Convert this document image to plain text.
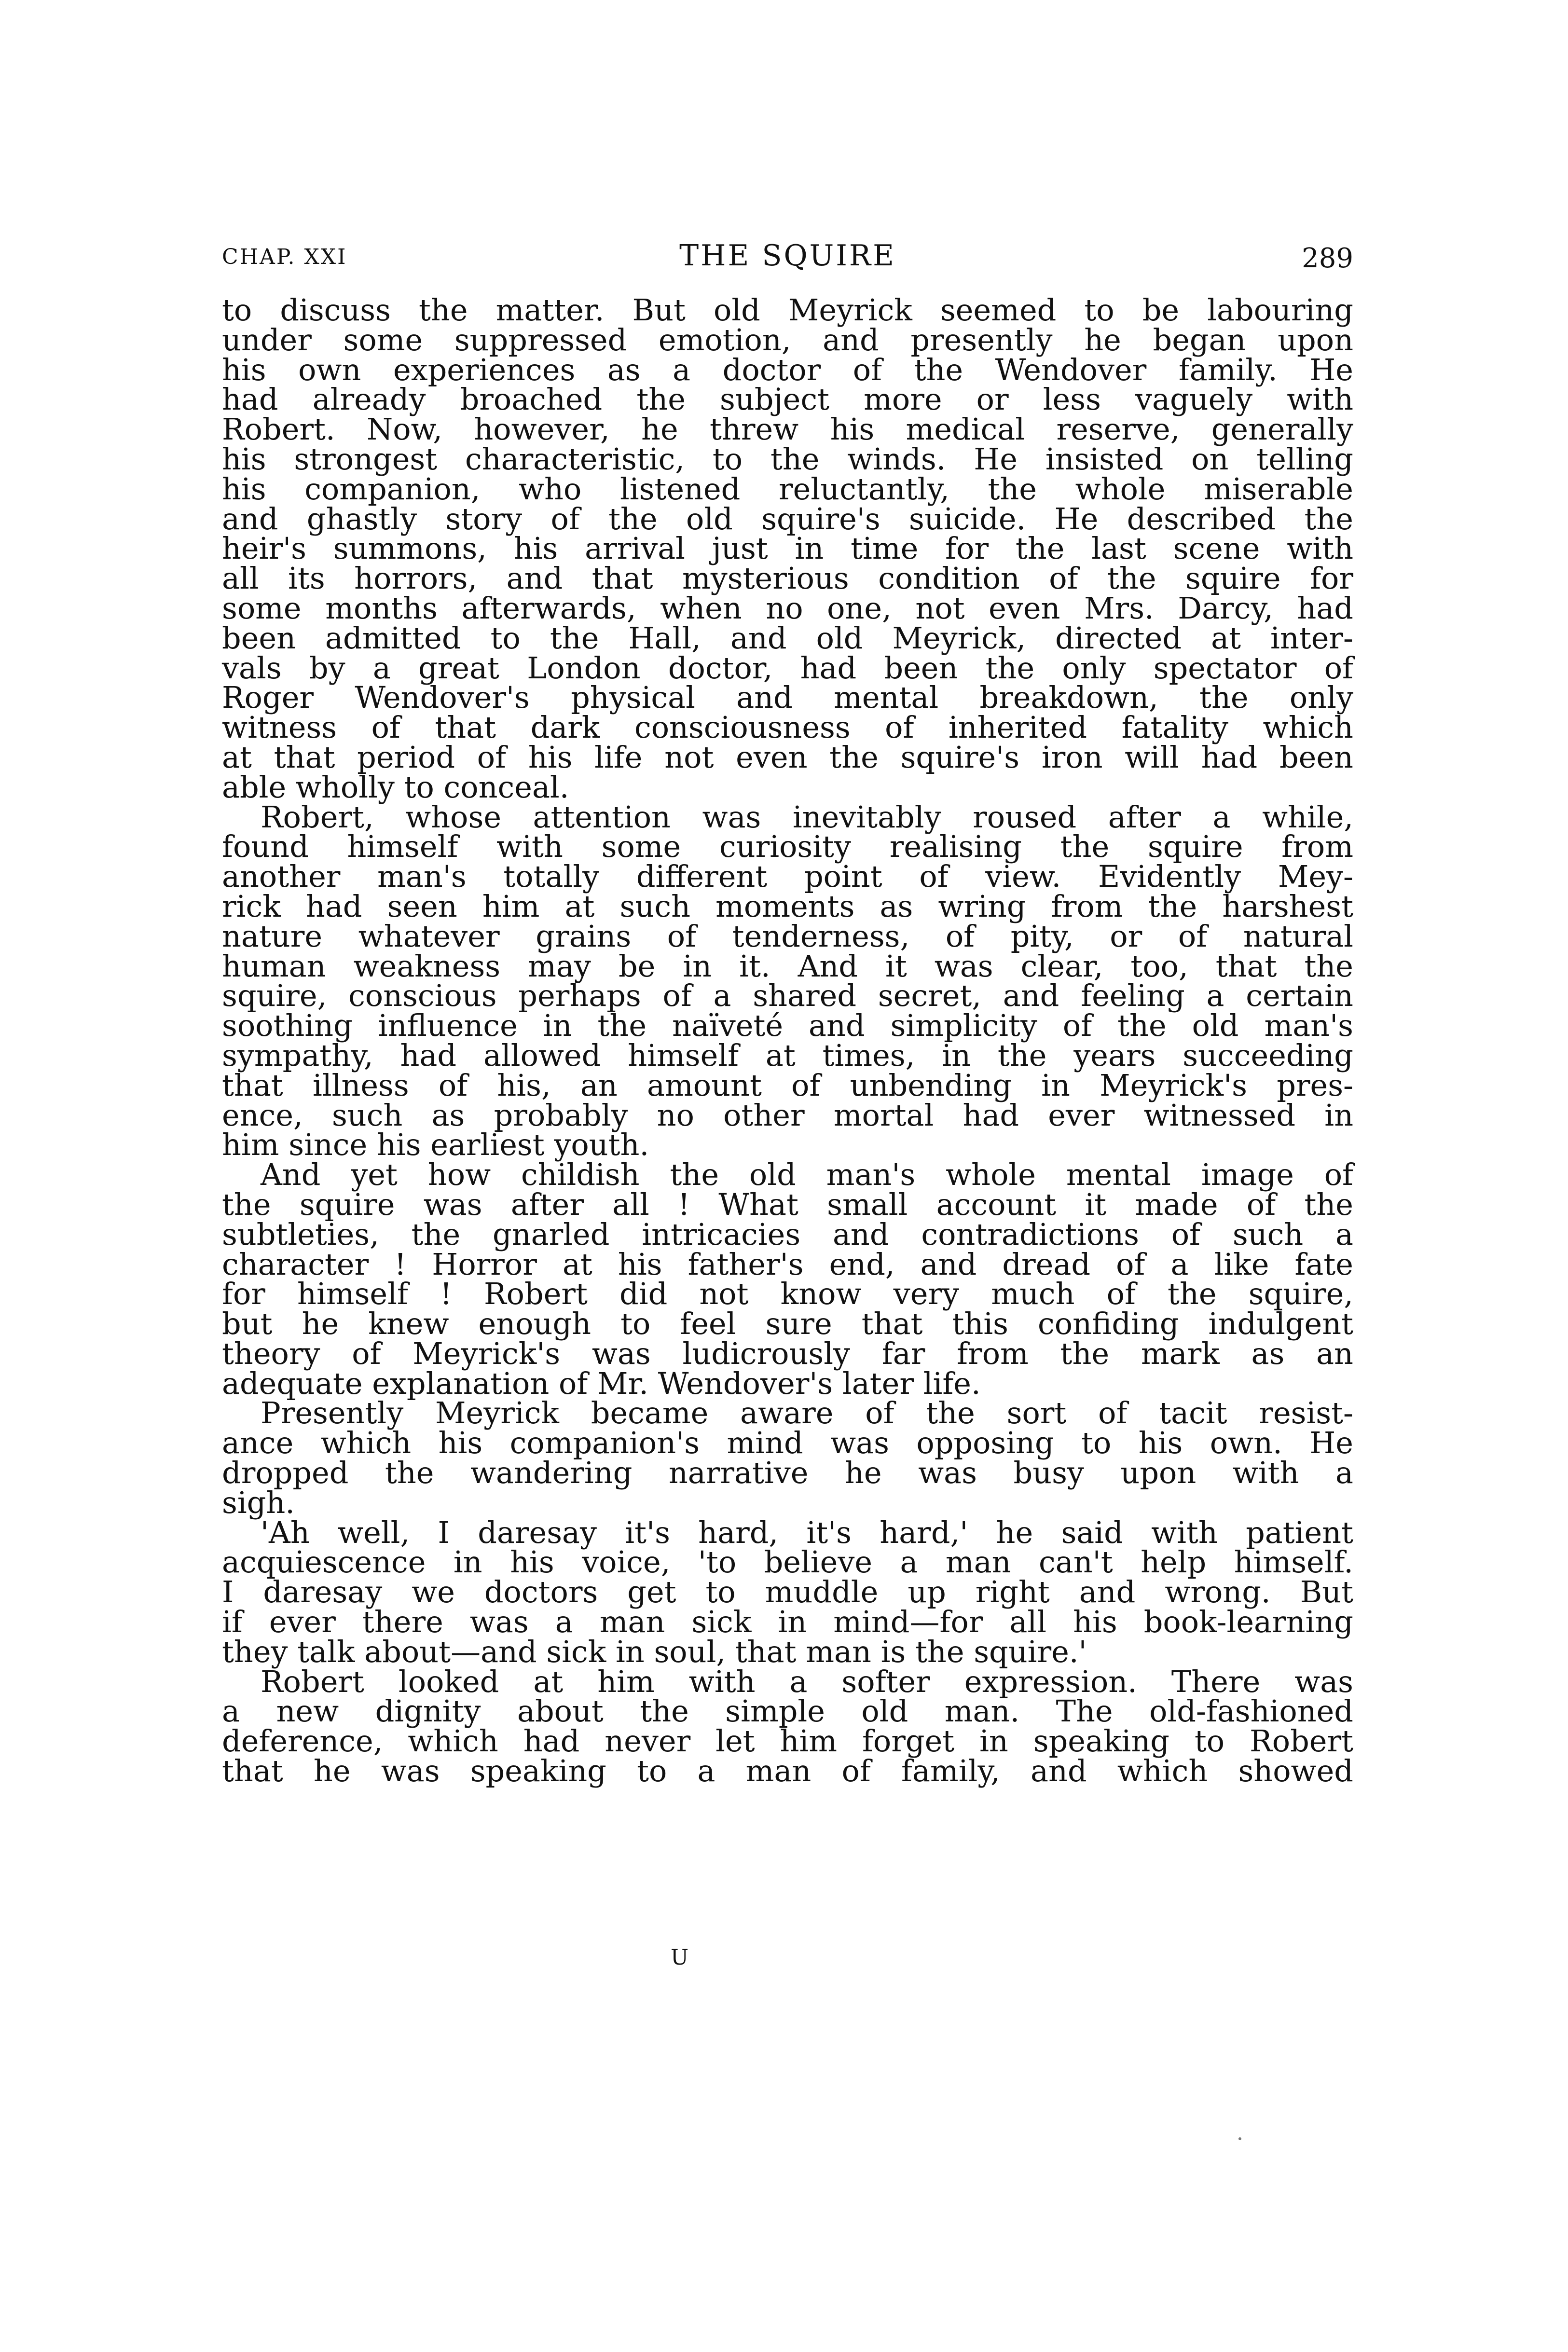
CHAP. XXI	THE SQUIRE	289
to discuss the matter. But old Meyrick seemed to be labouring
under some suppressed emotion, and presently he began upon
his own experiences as a doctor of the Wendover family. He
had already broached the subject more or less vaguely with
Robert. Now, however, he threw his medical reserve, generally
his strongest characteristic, to the winds. He insisted on telling
his companion, who listened reluctantly, the whole miserable
and ghastly story of the old squire's suicide. He described the
heir's summons, his arrival just in time for the last scene with
all its horrors, and that mysterious condition of the squire for
some months afterwards, when no one, not even Mrs. Darcy, had
been admitted to the Hall, and old Meyrick, directed at inter-
vals by a great London doctor, had been the only spectator of
Roger Wendover's physical and mental breakdown, the only
witness of that dark consciousness of inherited fatality which
at that period of his life not even the squire's iron will had been
able wholly to conceal.
Robert, whose attention was inevitably roused after a while,
found himself with some curiosity realising the squire from
another man's totally different point of view. Evidently Mey-
rick had seen him at such moments as wring from the harshest
nature whatever grains of tenderness, of pity, or of natural
human weakness may be in it. And it was clear, too, that the
squire, conscious perhaps of a shared secret, and feeling a certain
soothing influence in the naïveté and simplicity of the old man's
sympathy, had allowed himself at times, in the years succeeding
that illness of his, an amount of unbending in Meyrick's pres-
ence, such as probably no other mortal had ever witnessed in
him since his earliest youth.
And yet how childish the old man's whole mental image of
the squire was after all ! What small account it made of the
subtleties, the gnarled intricacies and contradictions of such a
character ! Horror at his father's end, and dread of a like fate
for himself ! Robert did not know very much of the squire,
but he knew enough to feel sure that this confiding indulgent
theory of Meyrick's was ludicrously far from the mark as an
adequate explanation of Mr. Wendover's later life.
Presently Meyrick became aware of the sort of tacit resist-
ance which his companion's mind was opposing to his own. He
dropped the wandering narrative he was busy upon with a
sigh.
'Ah well, I daresay it's hard, it's hard,' he said with patient
acquiescence in his voice, 'to believe a man can't help himself.
I daresay we doctors get to muddle up right and wrong. But
if ever there was a man sick in mind—for all his book-learning
they talk about—and sick in soul, that man is the squire.'
Robert looked at him with a softer expression. There was
a new dignity about the simple old man. The old-fashioned
deference, which had never let him forget in speaking to Robert
that he was speaking to a man of family, and which showed
U
